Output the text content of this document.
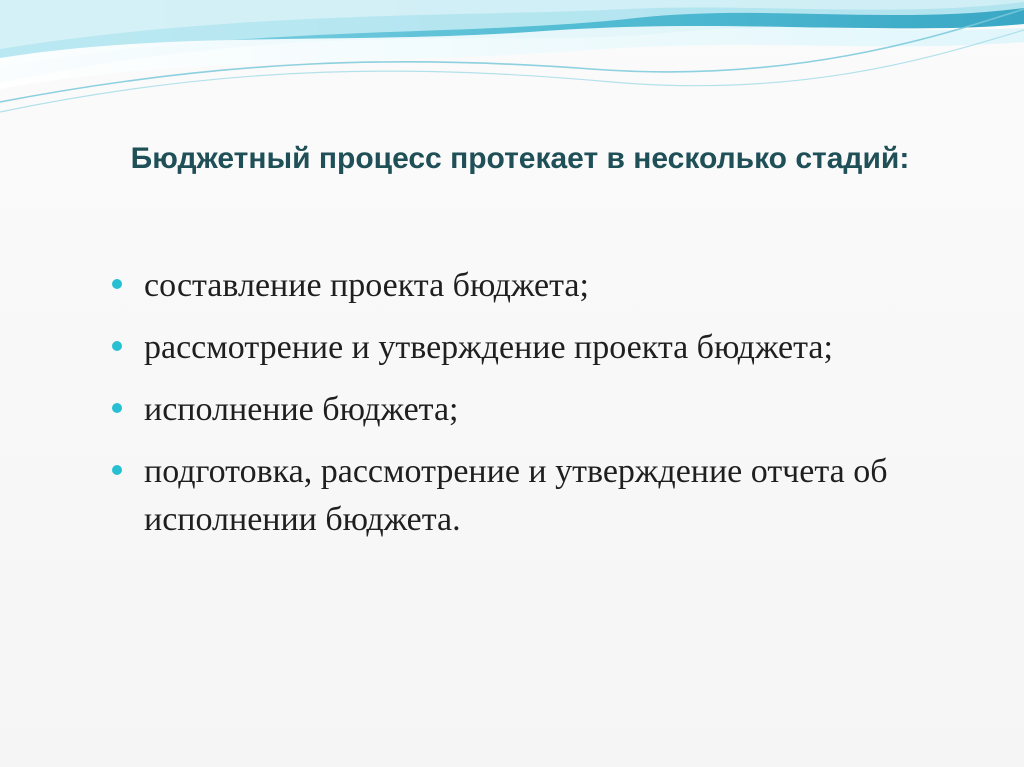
Бюджетный процесс протекает в несколько стадий:
составление проекта бюджета;
рассмотрение и утверждение проекта бюджета;
исполнение бюджета;
подготовка, рассмотрение и утверждение отчета об исполнении бюджета.
